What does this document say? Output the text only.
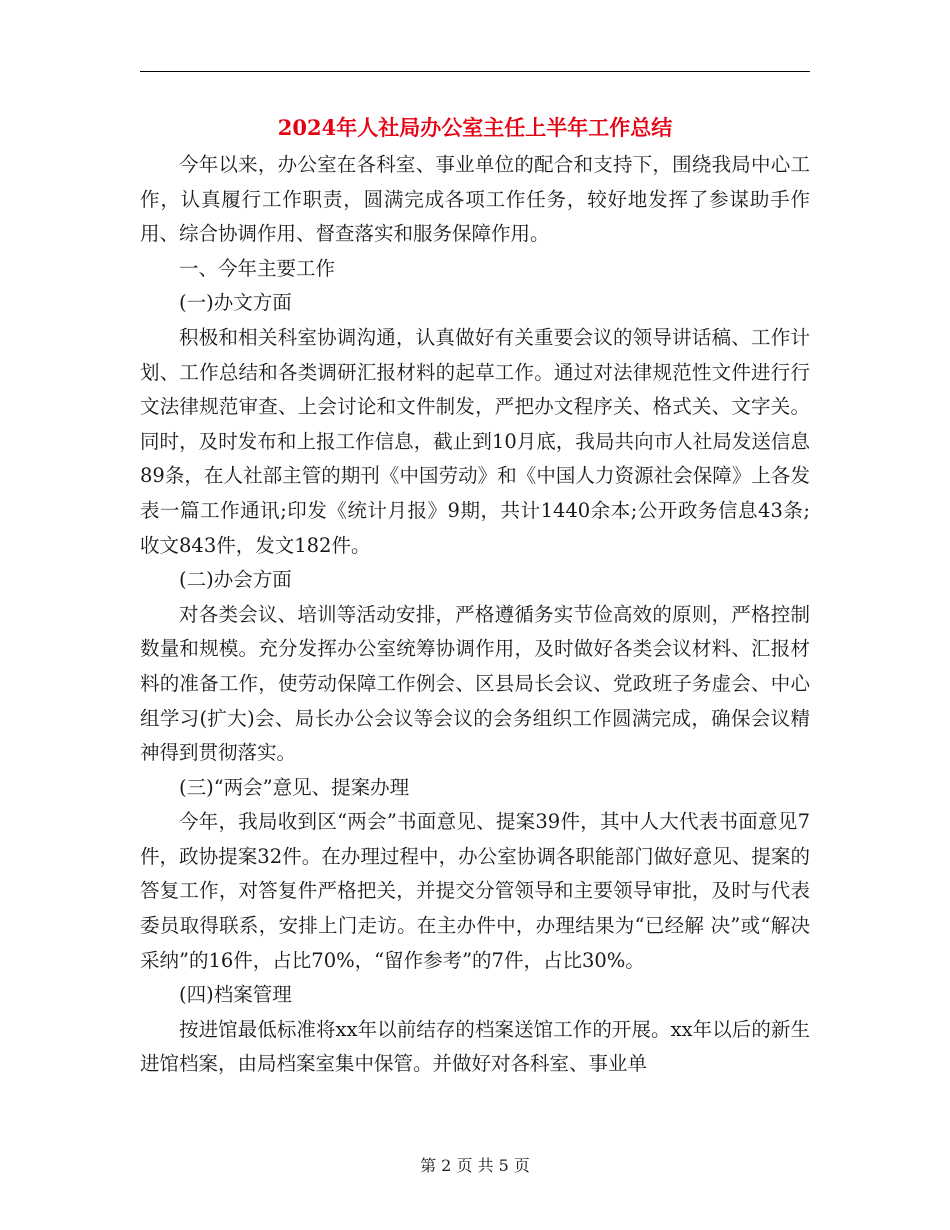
2024年人社局办公室主任上半年工作总结

今年以来，办公室在各科室、事业单位的配合和支持下，围绕我局中心工作，认真履行工作职责，圆满完成各项工作任务，较好地发挥了参谋助手作用、综合协调作用、督查落实和服务保障作用。

一、今年主要工作

(一)办文方面

积极和相关科室协调沟通，认真做好有关重要会议的领导讲话稿、工作计划、工作总结和各类调研汇报材料的起草工作。通过对法律规范性文件进行行文法律规范审查、上会讨论和文件制发，严把办文程序关、格式关、文字关。同时，及时发布和上报工作信息，截止到10月底，我局共向市人社局发送信息89条，在人社部主管的期刊《中国劳动》和《中国人力资源社会保障》上各发表一篇工作通讯;印发《统计月报》9期，共计1440余本;公开政务信息43条;收文843件，发文182件。

(二)办会方面

对各类会议、培训等活动安排，严格遵循务实节俭高效的原则，严格控制数量和规模。充分发挥办公室统筹协调作用，及时做好各类会议材料、汇报材料的准备工作，使劳动保障工作例会、区县局长会议、党政班子务虚会、中心组学习(扩大)会、局长办公会议等会议的会务组织工作圆满完成，确保会议精神得到贯彻落实。

(三)“两会”意见、提案办理

今年，我局收到区“两会”书面意见、提案39件，其中人大代表书面意见7件，政协提案32件。在办理过程中，办公室协调各职能部门做好意见、提案的答复工作，对答复件严格把关，并提交分管领导和主要领导审批，及时与代表委员取得联系，安排上门走访。在主办件中，办理结果为“已经解 决”或“解决采纳”的16件，占比70%，“留作参考”的7件，占比30%。

(四)档案管理

按进馆最低标准将xx年以前结存的档案送馆工作的开展。xx年以后的新生进馆档案，由局档案室集中保管。并做好对各科室、事业单

第 2 页 共 5 页
